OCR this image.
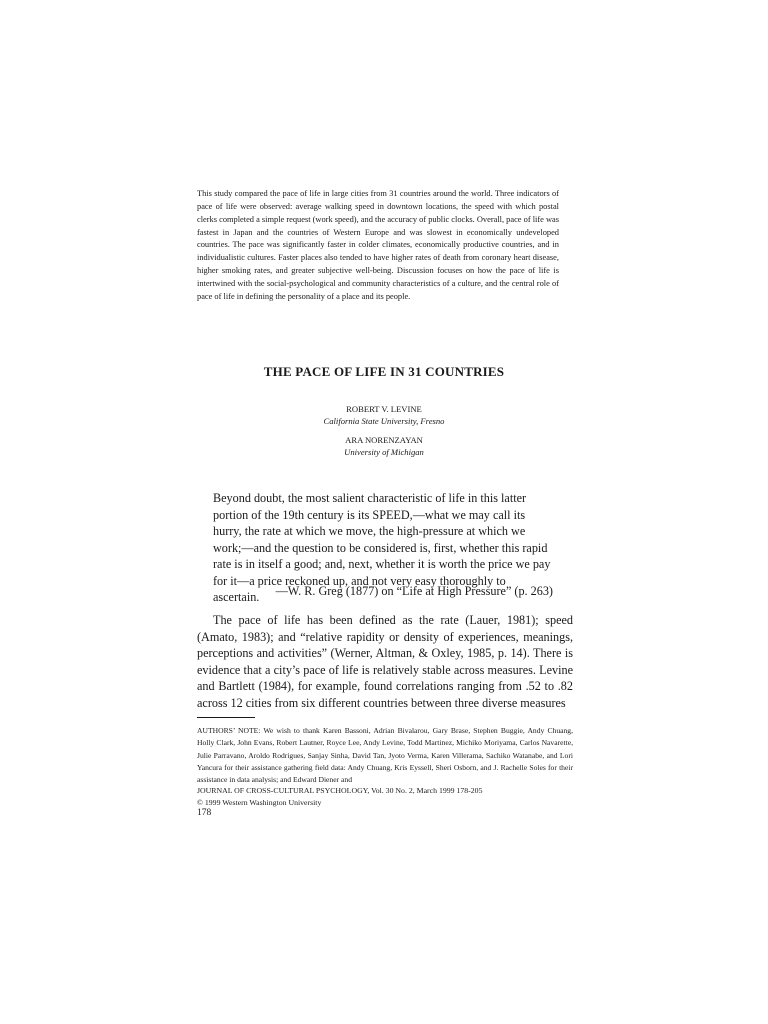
This study compared the pace of life in large cities from 31 countries around the world. Three indicators of pace of life were observed: average walking speed in downtown locations, the speed with which postal clerks completed a simple request (work speed), and the accuracy of public clocks. Overall, pace of life was fastest in Japan and the countries of Western Europe and was slowest in economically undeveloped countries. The pace was significantly faster in colder climates, economically productive countries, and in individualistic cultures. Faster places also tended to have higher rates of death from coronary heart disease, higher smoking rates, and greater subjective well-being. Discussion focuses on how the pace of life is intertwined with the social-psychological and community characteristics of a culture, and the central role of pace of life in defining the personality of a place and its people.

THE PACE OF LIFE IN 31 COUNTRIES

ROBERT V. LEVINE

California State University, Fresno

ARA NORENZAYAN

University of Michigan

Beyond doubt, the most salient characteristic of life in this latter portion of the 19th century is its SPEED,—what we may call its hurry, the rate at which we move, the high-pressure at which we work;—and the question to be considered is, first, whether this rapid rate is in itself a good; and, next, whether it is worth the price we pay for it—a price reckoned up, and not very easy thoroughly to ascertain.	—W. R. Greg (1877) on “Life at High Pressure” (p. 263)

The pace of life has been defined as the rate (Lauer, 1981); speed (Amato, 1983); and “relative rapidity or density of experiences, meanings, perceptions and activities” (Werner, Altman, & Oxley, 1985, p. 14). There is evidence that a city’s pace of life is relatively stable across measures. Levine and Bartlett (1984), for example, found correlations ranging from .52 to .82 across 12 cities from six different countries between three diverse measures

AUTHORS’ NOTE: We wish to thank Karen Bassoni, Adrian Bivalarou, Gary Brase, Stephen Buggie, Andy Chuang, Holly Clark, John Evans, Robert Lautner, Royce Lee, Andy Levine, Todd Martinez, Michiko Moriyama, Carlos Navarette, Julie Parravano, Aroldo Rodrigues, Sanjay Sinha, David Tan, Jyoto Verma, Karen Villerama, Sachiko Watanabe, and Lori Yancura for their assistance gathering field data: Andy Chuang, Kris Eyssell, Sheri Osborn, and J. Rachelle Soles for their assistance in data analysis; and Edward Diener and

JOURNAL OF CROSS-CULTURAL PSYCHOLOGY, Vol. 30 No. 2, March 1999 178-205

© 1999 Western Washington University

178
